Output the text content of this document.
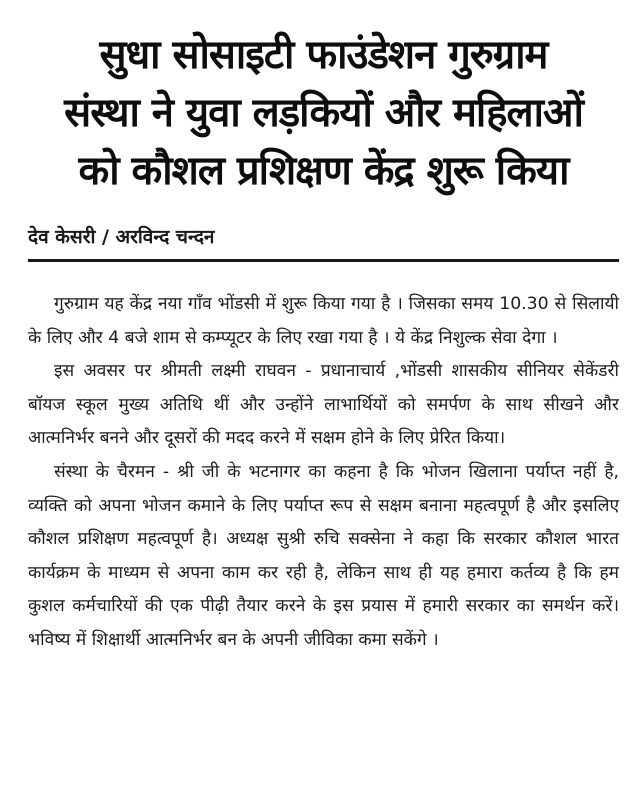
सुधा सोसाइटी फाउंडेशन गुरुग्राम
संस्था ने युवा लड़कियों और महिलाओं
को कौशल प्रशिक्षण केंद्र शुरू किया
देव केसरी / अरविन्द चन्दन

गुरुग्राम यह केंद्र नया गाँव भोंडसी में शुरू किया गया है । जिसका समय 10.30 से सिलायी के लिए और 4 बजे शाम से कम्प्यूटर के लिए रखा गया है । ये केंद्र निशुल्क सेवा देगा ।

इस अवसर पर श्रीमती लक्ष्मी राघवन - प्रधानाचार्य ,भोंडसी शासकीय सीनियर सेकेंडरी बॉयज स्कूल मुख्य अतिथि थीं और उन्होंने लाभार्थियों को समर्पण के साथ सीखने और आत्मनिर्भर बनने और दूसरों की मदद करने में सक्षम होने के लिए प्रेरित किया।

संस्था के चैरमन - श्री जी के भटनागर का कहना है कि भोजन खिलाना पर्याप्त नहीं है, व्यक्ति को अपना भोजन कमाने के लिए पर्याप्त रूप से सक्षम बनाना महत्वपूर्ण है और इसलिए कौशल प्रशिक्षण महत्वपूर्ण है। अध्यक्ष सुश्री रुचि सक्सेना ने कहा कि सरकार कौशल भारत कार्यक्रम के माध्यम से अपना काम कर रही है, लेकिन साथ ही यह हमारा कर्तव्य है कि हम कुशल कर्मचारियों की एक पीढ़ी तैयार करने के इस प्रयास में हमारी सरकार का समर्थन करें।भविष्य में शिक्षार्थी आत्मनिर्भर बन के अपनी जीविका कमा सकेंगे ।
